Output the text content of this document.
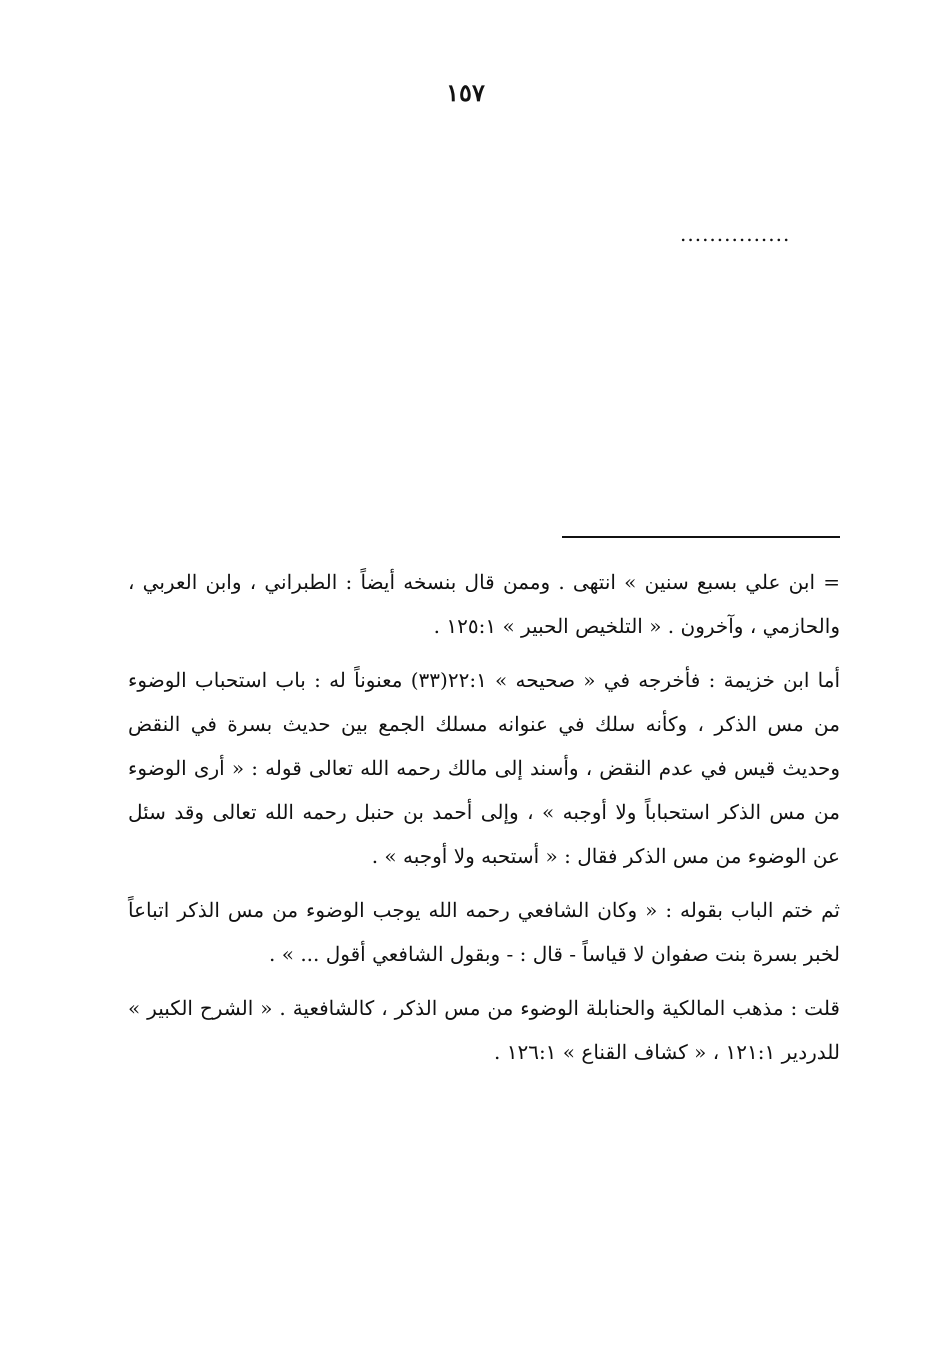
١٥٧
...............

= ابن علي بسبع سنين » انتهى . وممن قال بنسخه أيضاً : الطبراني ، وابن العربي ، والحازمي ، وآخرون . « التلخيص الحبير » ١٢٥:١ .

أما ابن خزيمة : فأخرجه في « صحيحه » ٢٢:١(٣٣) معنوناً له : باب استحباب الوضوء من مس الذكر ، وكأنه سلك في عنوانه مسلك الجمع بين حديث بسرة في النقض وحديث قيس في عدم النقض ، وأسند إلى مالك رحمه الله تعالى قوله : « أرى الوضوء من مس الذكر استحباباً ولا أوجبه » ، وإلى أحمد بن حنبل رحمه الله تعالى وقد سئل عن الوضوء من مس الذكر فقال : « أستحبه ولا أوجبه » .

ثم ختم الباب بقوله : « وكان الشافعي رحمه الله يوجب الوضوء من مس الذكر اتباعاً لخبر بسرة بنت صفوان لا قياساً - قال : - وبقول الشافعي أقول ... » .

قلت : مذهب المالكية والحنابلة الوضوء من مس الذكر ، كالشافعية . « الشرح الكبير » للدردير ١٢١:١ ، « كشاف القناع » ١٢٦:١ .
